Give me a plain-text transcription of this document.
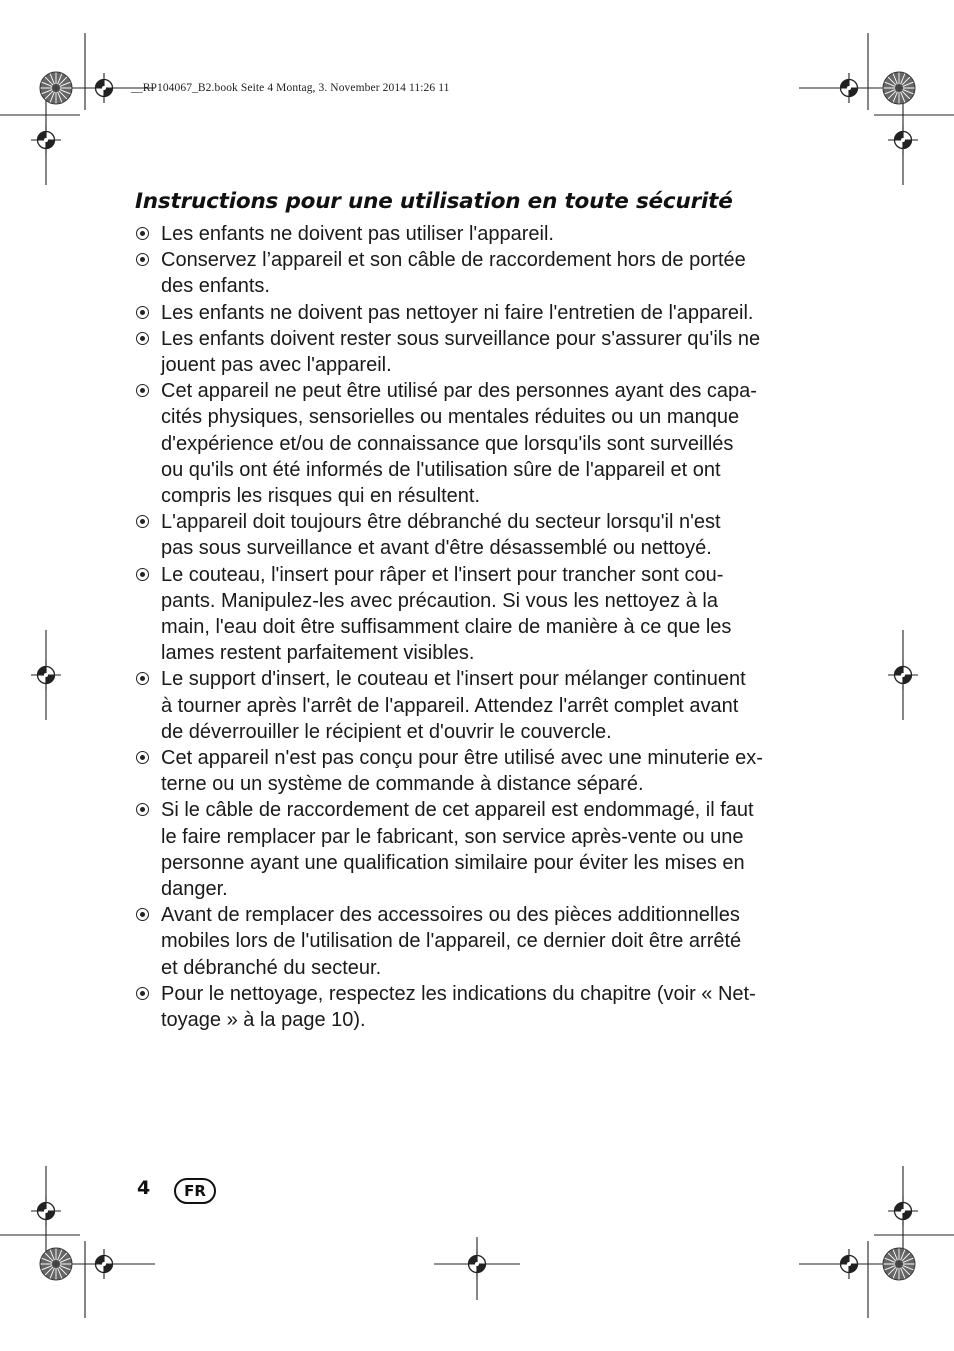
__RP104067_B2.book Seite 4 Montag, 3. November 2014 11:26 11
Instructions pour une utilisation en toute sécurité
Les enfants ne doivent pas utiliser l'appareil.
Conservez l’appareil et son câble de raccordement hors de portée
des enfants.
Les enfants ne doivent pas nettoyer ni faire l'entretien de l'appareil.
Les enfants doivent rester sous surveillance pour s'assurer qu'ils ne
jouent pas avec l'appareil.
Cet appareil ne peut être utilisé par des personnes ayant des capa-
cités physiques, sensorielles ou mentales réduites ou un manque
d'expérience et/ou de connaissance que lorsqu'ils sont surveillés
ou qu'ils ont été informés de l'utilisation sûre de l'appareil et ont
compris les risques qui en résultent.
L'appareil doit toujours être débranché du secteur lorsqu'il n'est
pas sous surveillance et avant d'être désassemblé ou nettoyé.
Le couteau, l'insert pour râper et l'insert pour trancher sont cou-
pants. Manipulez-les avec précaution. Si vous les nettoyez à la
main, l'eau doit être suffisamment claire de manière à ce que les
lames restent parfaitement visibles.
Le support d'insert, le couteau et l'insert pour mélanger continuent
à tourner après l'arrêt de l'appareil. Attendez l'arrêt complet avant
de déverrouiller le récipient et d'ouvrir le couvercle.
Cet appareil n'est pas conçu pour être utilisé avec une minuterie ex-
terne ou un système de commande à distance séparé.
Si le câble de raccordement de cet appareil est endommagé, il faut
le faire remplacer par le fabricant, son service après-vente ou une
personne ayant une qualification similaire pour éviter les mises en
danger.
Avant de remplacer des accessoires ou des pièces additionnelles
mobiles lors de l'utilisation de l'appareil, ce dernier doit être arrêté
et débranché du secteur.
Pour le nettoyage, respectez les indications du chapitre (voir « Net-
toyage » à la page 10).
4	FR
